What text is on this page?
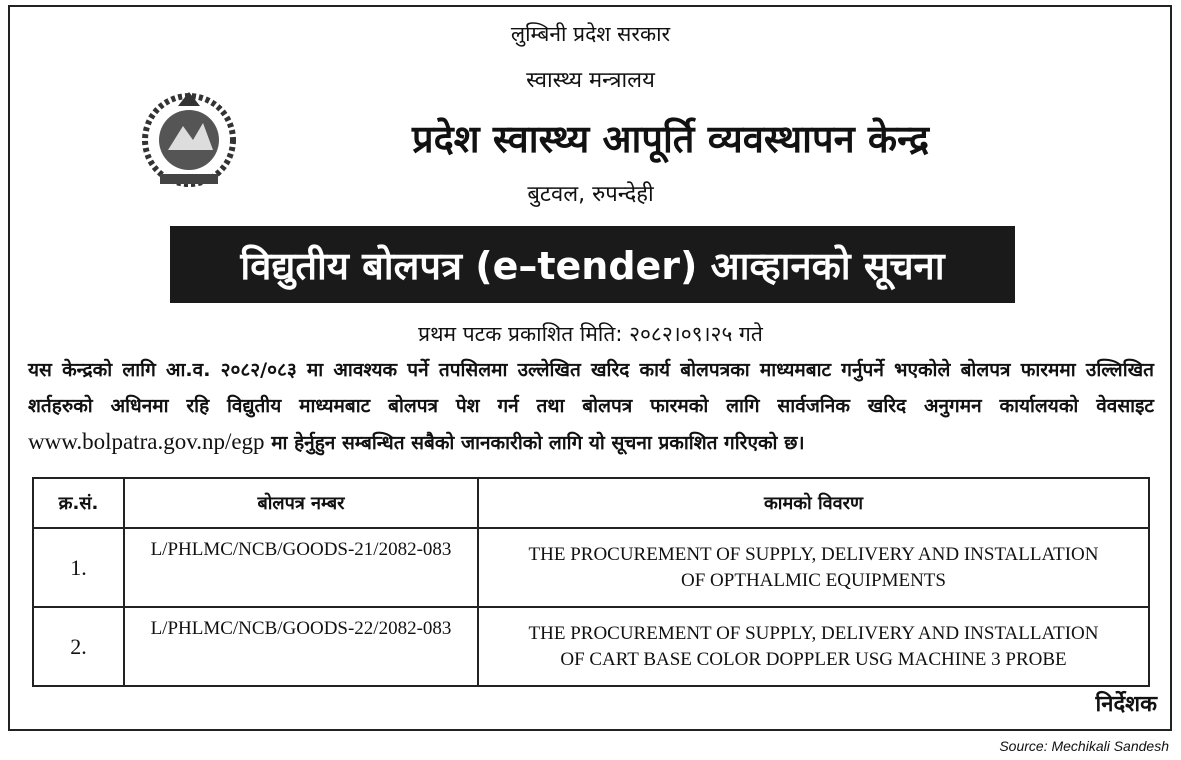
लुम्बिनी प्रदेश सरकार
स्वास्थ्य मन्त्रालय
प्रदेश स्वास्थ्य आपूर्ति व्यवस्थापन केन्द्र
बुटवल, रुपन्देही
विद्युतीय बोलपत्र (e–tender) आव्हानको सूचना
प्रथम पटक प्रकाशित मिति: २०८२।०९।२५ गते
यस केन्द्रको लागि आ.व. २०८२/०८३ मा आवश्यक पर्ने तपसिलमा उल्लेखित खरिद कार्य बोलपत्रका माध्यमबाट गर्नुपर्ने भएकोले बोलपत्र फारममा उल्लिखित शर्तहरुको अधिनमा रहि विद्युतीय माध्यमबाट बोलपत्र पेश गर्न तथा बोलपत्र फारमको लागि सार्वजनिक खरिद अनुगमन कार्यालयको वेवसाइट www.bolpatra.gov.np/egp मा हेर्नुहुन सम्बन्धित सबैको जानकारीको लागि यो सूचना प्रकाशित गरिएको छ।
क्र.सं.	बोलपत्र नम्बर	कामको विवरण
1.	L/PHLMC/NCB/GOODS-21/2082-083	THE PROCUREMENT OF SUPPLY, DELIVERY AND INSTALLATION
OF OPTHALMIC EQUIPMENTS

2.	L/PHLMC/NCB/GOODS-22/2082-083	THE PROCUREMENT OF SUPPLY, DELIVERY AND INSTALLATION
OF CART BASE COLOR DOPPLER USG MACHINE 3 PROBE
निर्देशक
Source: Mechikali Sandesh
